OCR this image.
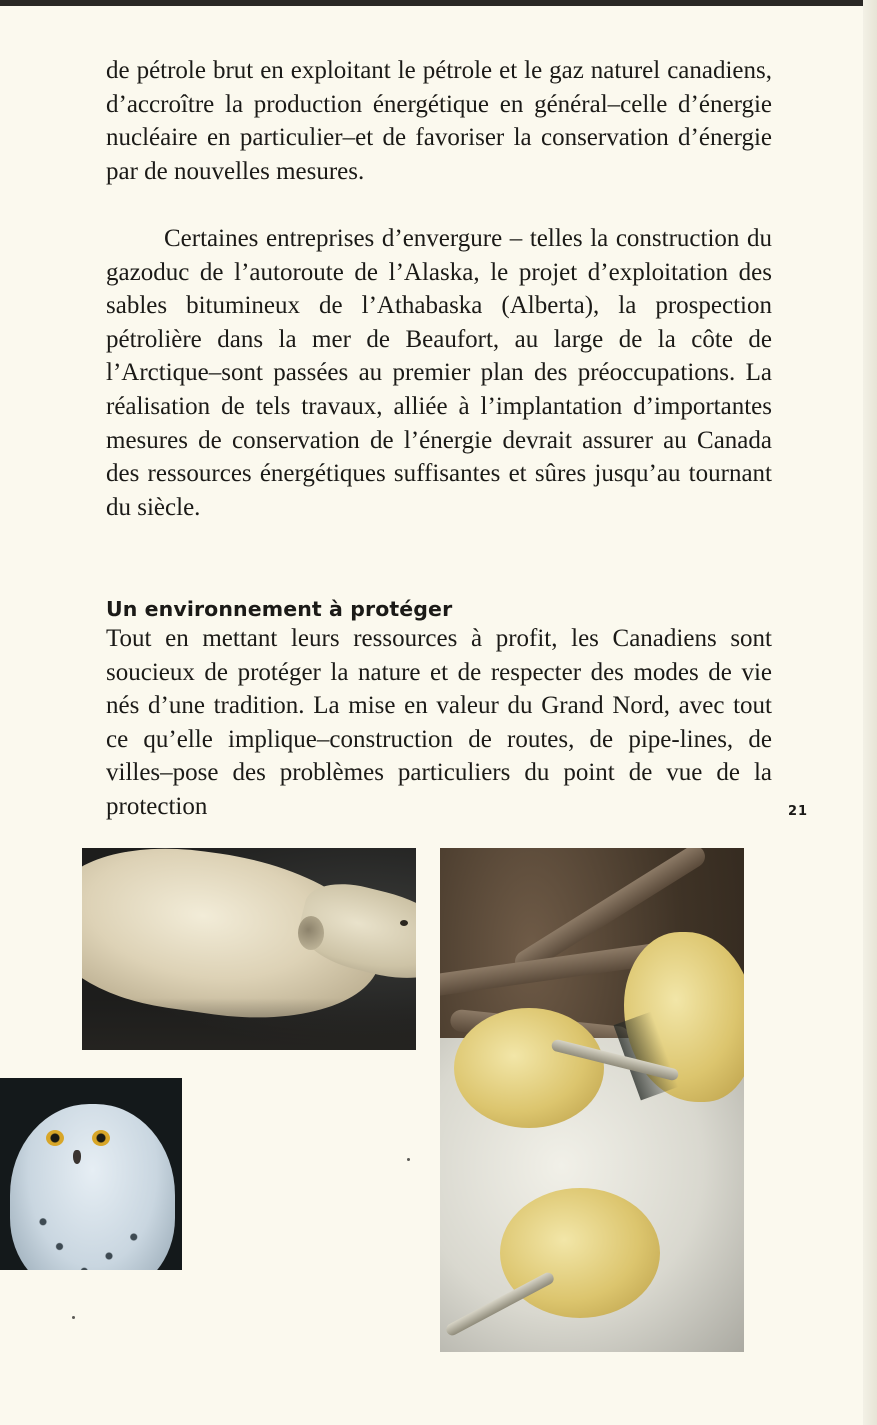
de pétrole brut en exploitant le pétrole et le gaz naturel canadiens, d’accroître la production énergétique en général–celle d’énergie nucléaire en particulier–et de favoriser la conservation d’énergie par de nouvelles mesures.

Certaines entreprises d’envergure – telles la construction du gazoduc de l’autoroute de l’Alaska, le projet d’exploitation des sables bitumineux de l’Athabaska (Alberta), la prospection pétrolière dans la mer de Beaufort, au large de la côte de l’Arctique–sont passées au premier plan des préoccupations. La réalisation de tels travaux, alliée à l’implantation d’importantes mesures de conservation de l’énergie devrait assurer au Canada des ressources énergétiques suffisantes et sûres jusqu’au tournant du siècle.

Un environnement à protéger

Tout en mettant leurs ressources à profit, les Canadiens sont soucieux de protéger la nature et de respecter des modes de vie nés d’une tradition. La mise en valeur du Grand Nord, avec tout ce qu’elle implique–construction de routes, de pipe-lines, de villes–pose des problèmes particuliers du point de vue de la protection	21
